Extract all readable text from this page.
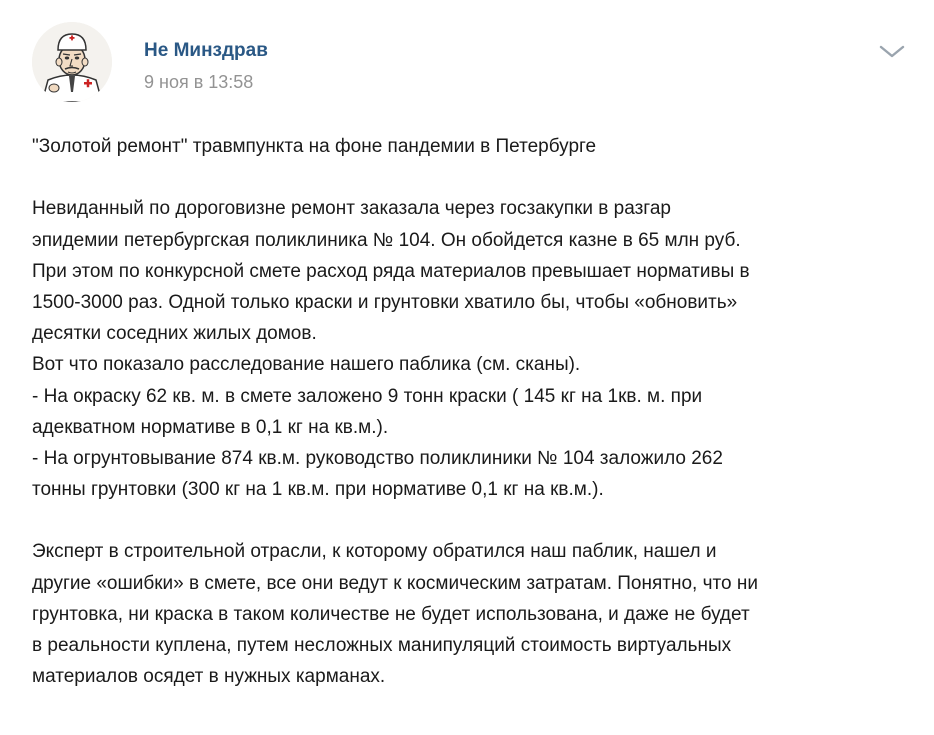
Не Минздрав
9 ноя в 13:58
"Золотой ремонт" травмпункта на фоне пандемии в Петербурге
Невиданный по дороговизне ремонт заказала через госзакупки в разгар
эпидемии петербургская поликлиника № 104. Он обойдется казне в 65 млн руб.
При этом по конкурсной смете расход ряда материалов превышает нормативы в
1500-3000 раз. Одной только краски и грунтовки хватило бы, чтобы «обновить»
десятки соседних жилых домов.
Вот что показало расследование нашего паблика (см. сканы).
- На окраску 62 кв. м. в смете заложено 9 тонн краски ( 145 кг на 1кв. м. при
адекватном нормативе в 0,1 кг на кв.м.).
- На огрунтовывание 874 кв.м. руководство поликлиники № 104 заложило 262
тонны грунтовки (300 кг на 1 кв.м. при нормативе 0,1 кг на кв.м.).
Эксперт в строительной отрасли, к которому обратился наш паблик, нашел и
другие «ошибки» в смете, все они ведут к космическим затратам. Понятно, что ни
грунтовка, ни краска в таком количестве не будет использована, и даже не будет
в реальности куплена, путем несложных манипуляций стоимость виртуальных
материалов осядет в нужных карманах.
